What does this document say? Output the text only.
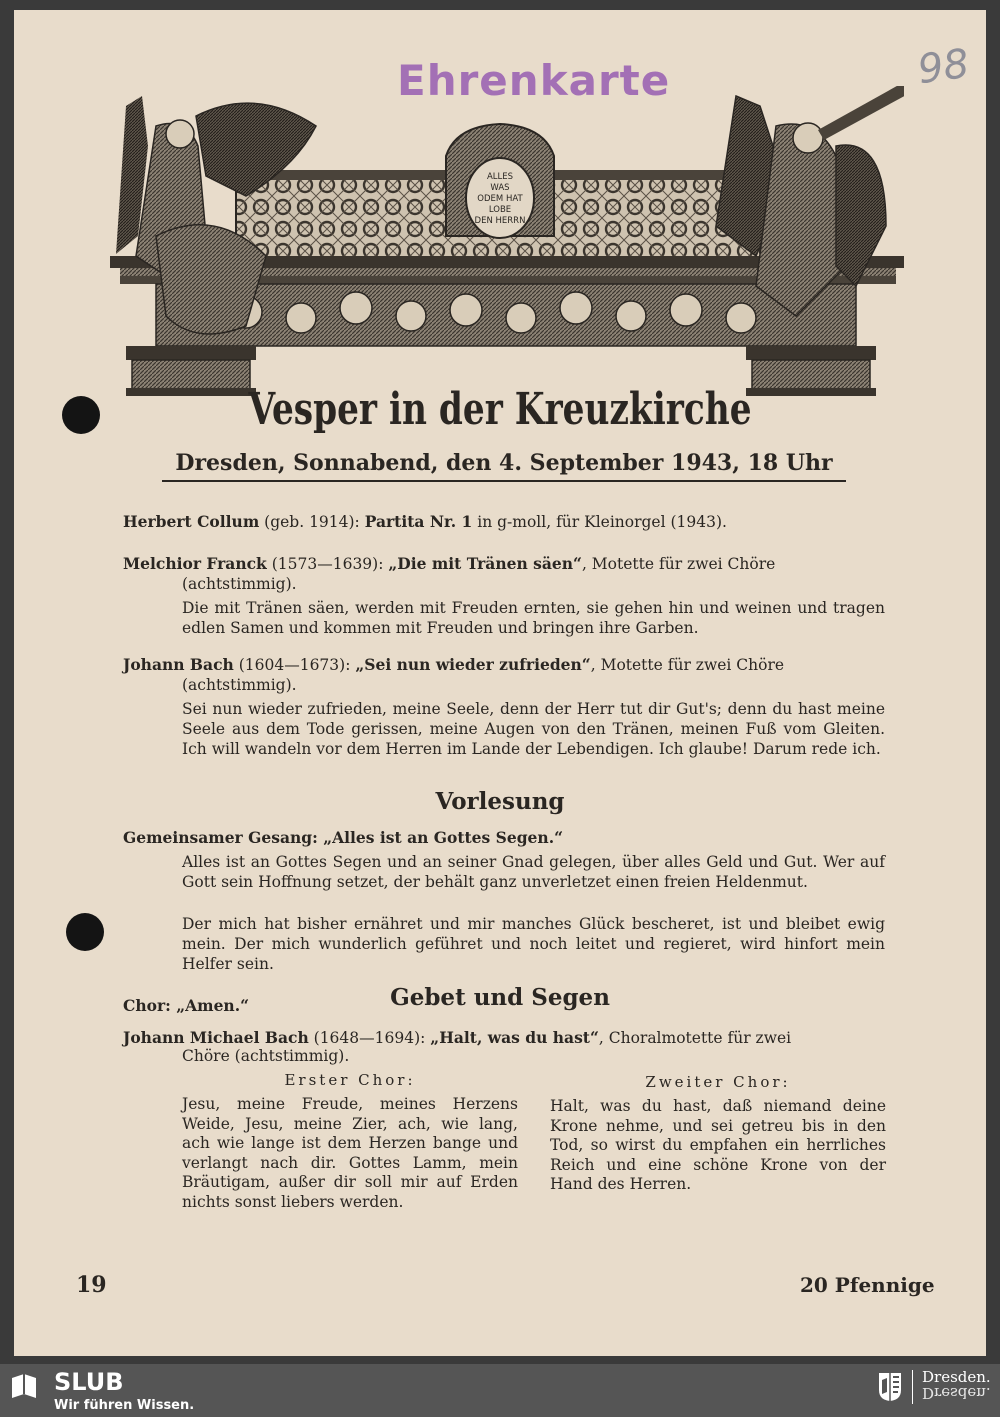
Ehrenkarte	98
ALLES
WAS
ODEM HAT
LOBE
DEN HERRN
Vesper in der Kreuzkirche
Dresden, Sonnabend, den 4. September 1943, 18 Uhr
Herbert Collum (geb. 1914): Partita Nr. 1 in g-moll, für Kleinorgel (1943).
Melchior Franck (1573—1639): „Die mit Tränen säen“, Motette für zwei Chöre
(achtstimmig).
Die mit Tränen säen, werden mit Freuden ernten, sie gehen hin und weinen und tragen edlen Samen und kommen mit Freuden und bringen ihre Garben.
Johann Bach (1604—1673): „Sei nun wieder zufrieden“, Motette für zwei Chöre
(achtstimmig).
Sei nun wieder zufrieden, meine Seele, denn der Herr tut dir Gut's; denn du hast meine Seele aus dem Tode gerissen, meine Augen von den Tränen, meinen Fuß vom Gleiten. Ich will wandeln vor dem Herren im Lande der Lebendigen. Ich glaube! Darum rede ich.
Vorlesung
Gemeinsamer Gesang: „Alles ist an Gottes Segen.“
Alles ist an Gottes Segen und an seiner Gnad gelegen, über alles Geld und Gut. Wer auf Gott sein Hoffnung setzet, der behält ganz unverletzet einen freien Heldenmut.
Der mich hat bisher ernähret und mir manches Glück bescheret, ist und bleibet ewig mein. Der mich wunderlich geführet und noch leitet und regieret, wird hinfort mein Helfer sein.
Chor: „Amen.“	Gebet und Segen
Johann Michael Bach (1648—1694): „Halt, was du hast“, Choralmotette für zwei
Chöre (achtstimmig).
Erster Chor:	Zweiter Chor:
Jesu, meine Freude, meines Herzens Weide, Jesu, meine Zier, ach, wie lang, ach wie lange ist dem Herzen bange und verlangt nach dir. Gottes Lamm, mein Bräutigam, außer dir soll mir auf Erden nichts sonst liebers werden.
Halt, was du hast, daß niemand deine Krone nehme, und sei getreu bis in den Tod, so wirst du empfahen ein herrliches Reich und eine schöne Krone von der Hand des Herren.
19	20 Pfennige
SLUB
Wir führen Wissen.
Dresden.
Dresden.
